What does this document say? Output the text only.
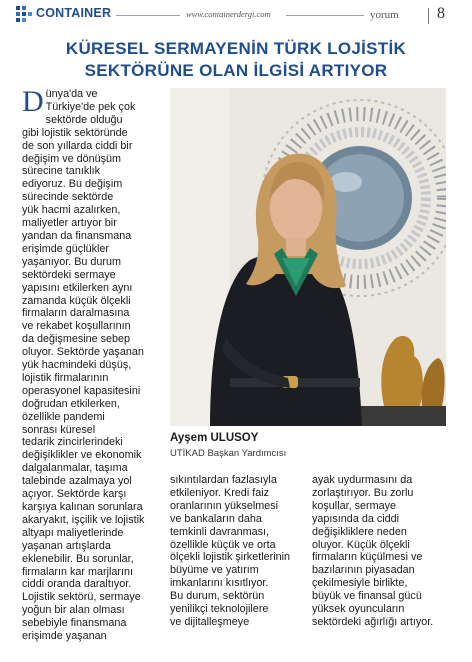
CONTAINER	www.containerdergi.com	yorum 8
KÜRESEL SERMAYENİN TÜRK LOJİSTİK
SEKTÖRÜNE OLAN İLGİSİ ARTIYOR

Dünya'da ve

Türkiye'de pek çok

sektörde olduğu

gibi lojistik sektöründe

de son yıllarda ciddi bir

değişim ve dönüşüm

sürecine tanıklık

ediyoruz. Bu değişim

sürecinde sektörde

yük hacmi azalırken,

maliyetler artıyor bir

yandan da finansmana

erişimde güçlükler

yaşanıyor. Bu durum

sektördeki sermaye

yapısını etkilerken aynı

zamanda küçük ölçekli

firmaların daralmasına

ve rekabet koşullarının

da değişmesine sebep

oluyor. Sektörde yaşanan

yük hacmindeki düşüş,

lojistik firmalarının

operasyonel kapasitesini

doğrudan etkilerken,

özellikle pandemi

sonrası küresel

tedarik zincirlerindeki

değişiklikler ve ekonomik

dalgalanmalar, taşıma

talebinde azalmaya yol

açıyor. Sektörde karşı

karşıya kalınan sorunlara

akaryakıt, işçilik ve lojistik

altyapı maliyetlerinde

yaşanan artışlarda

eklenebilir. Bu sorunlar,

firmaların kar marjlarını

ciddi oranda daraltıyor.

Lojistik sektörü, sermaye

yoğun bir alan olması

sebebiyle finansmana

erişimde yaşanan

Ayşem ULUSOY
UTİKAD Başkan Yardımcısı

sıkıntılardan fazlasıyla

etkileniyor. Kredi faiz

oranlarının yükselmesi

ve bankaların daha

temkinli davranması,

özellikle küçük ve orta

ölçekli lojistik şirketlerinin

büyüme ve yatırım

imkanlarını kısıtlıyor.

Bu durum, sektörün

yenilikçi teknolojilere

ve dijitalleşmeye

ayak uydurmasını da

zorlaştırıyor. Bu zorlu

koşullar, sermaye

yapısında da ciddi

değişikliklere neden

oluyor. Küçük ölçekli

firmaların küçülmesi ve

bazılarının piyasadan

çekilmesiyle birlikte,

büyük ve finansal gücü

yüksek oyuncuların

sektördeki ağırlığı artıyor.
